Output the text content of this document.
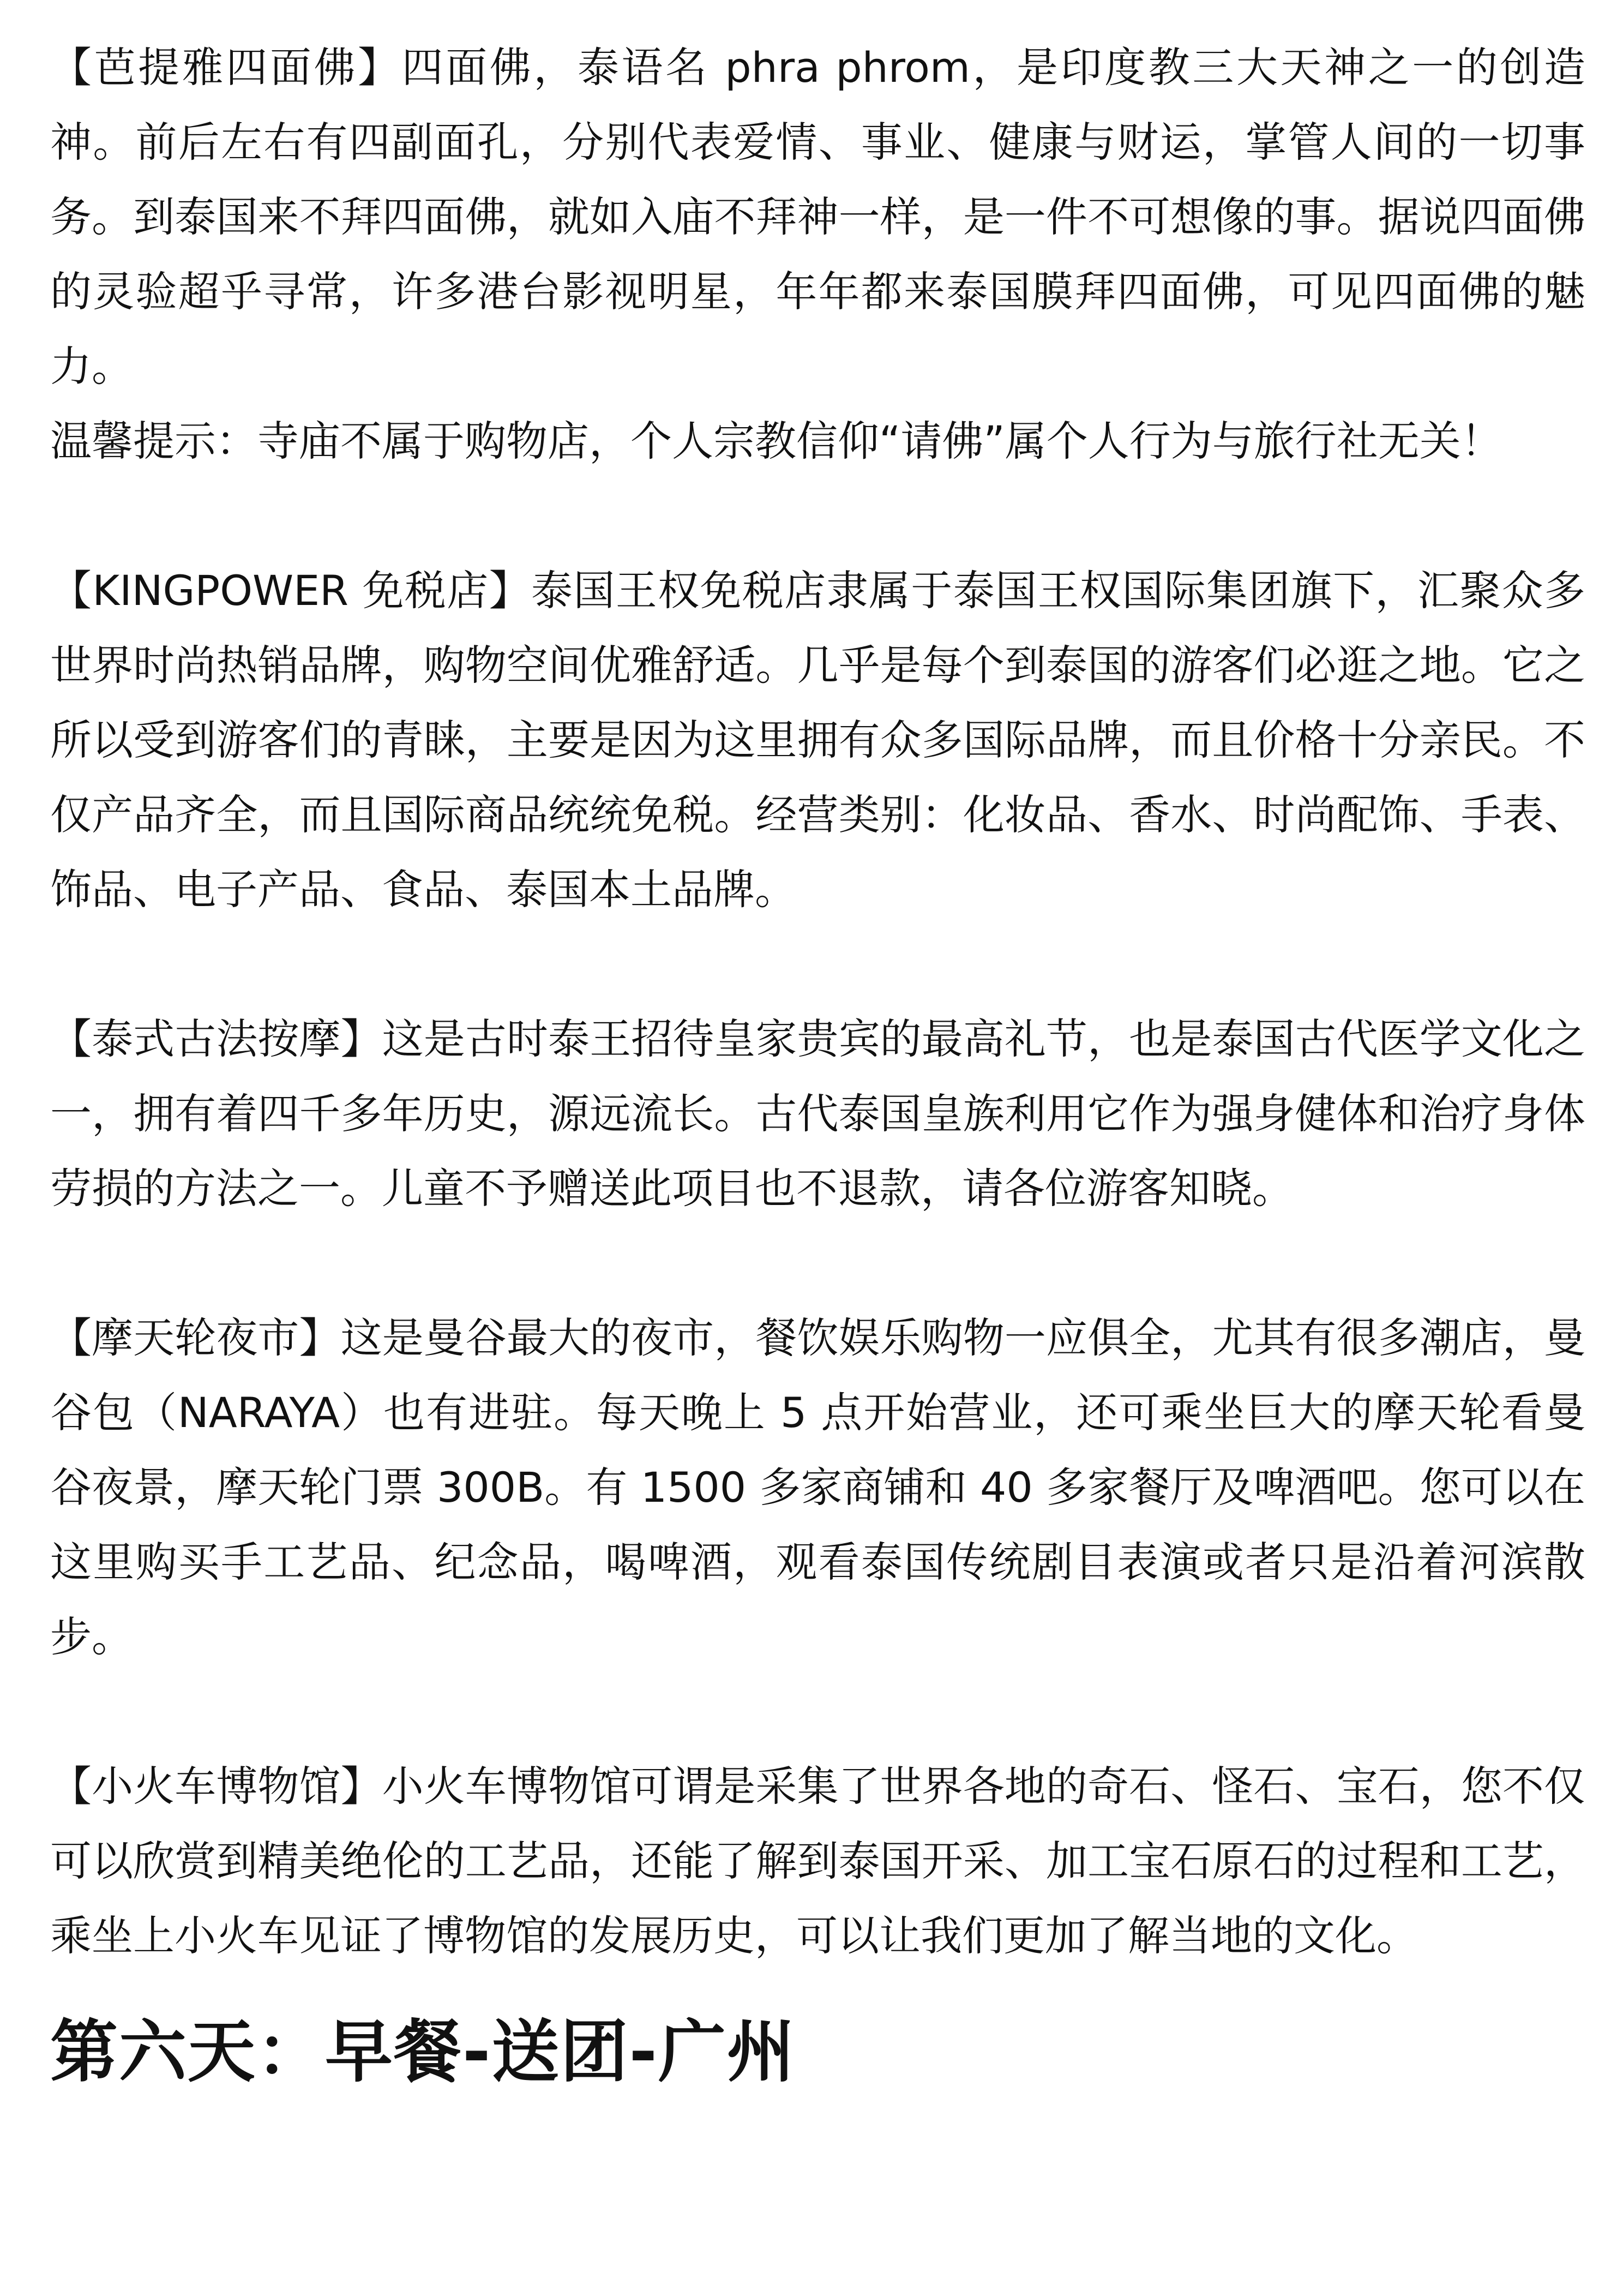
【芭提雅四面佛】四面佛，泰语名 phra phrom，是印度教三大天神之一的创造神。前后左右有四副面孔，分别代表爱情、事业、健康与财运，掌管人间的一切事务。到泰国来不拜四面佛，就如入庙不拜神一样，是一件不可想像的事。据说四面佛的灵验超乎寻常，许多港台影视明星，年年都来泰国膜拜四面佛，可见四面佛的魅力。

温馨提示：寺庙不属于购物店，个人宗教信仰“请佛”属个人行为与旅行社无关！

【KINGPOWER 免税店】泰国王权免税店隶属于泰国王权国际集团旗下，汇聚众多世界时尚热销品牌，购物空间优雅舒适。几乎是每个到泰国的游客们必逛之地。它之所以受到游客们的青睐，主要是因为这里拥有众多国际品牌，而且价格十分亲民。不仅产品齐全，而且国际商品统统免税。经营类别：化妆品、香水、时尚配饰、手表、饰品、电子产品、食品、泰国本土品牌。

【泰式古法按摩】这是古时泰王招待皇家贵宾的最高礼节，也是泰国古代医学文化之一，拥有着四千多年历史，源远流长。古代泰国皇族利用它作为强身健体和治疗身体劳损的方法之一。儿童不予赠送此项目也不退款，请各位游客知晓。

【摩天轮夜市】这是曼谷最大的夜市，餐饮娱乐购物一应俱全，尤其有很多潮店，曼谷包（NARAYA）也有进驻。每天晚上 5 点开始营业，还可乘坐巨大的摩天轮看曼谷夜景，摩天轮门票 300B。有 1500 多家商铺和 40 多家餐厅及啤酒吧。您可以在这里购买手工艺品、纪念品，喝啤酒，观看泰国传统剧目表演或者只是沿着河滨散步。

【小火车博物馆】小火车博物馆可谓是采集了世界各地的奇石、怪石、宝石，您不仅可以欣赏到精美绝伦的工艺品，还能了解到泰国开采、加工宝石原石的过程和工艺，乘坐上小火车见证了博物馆的发展历史，可以让我们更加了解当地的文化。

第六天：早餐-送团-广州
